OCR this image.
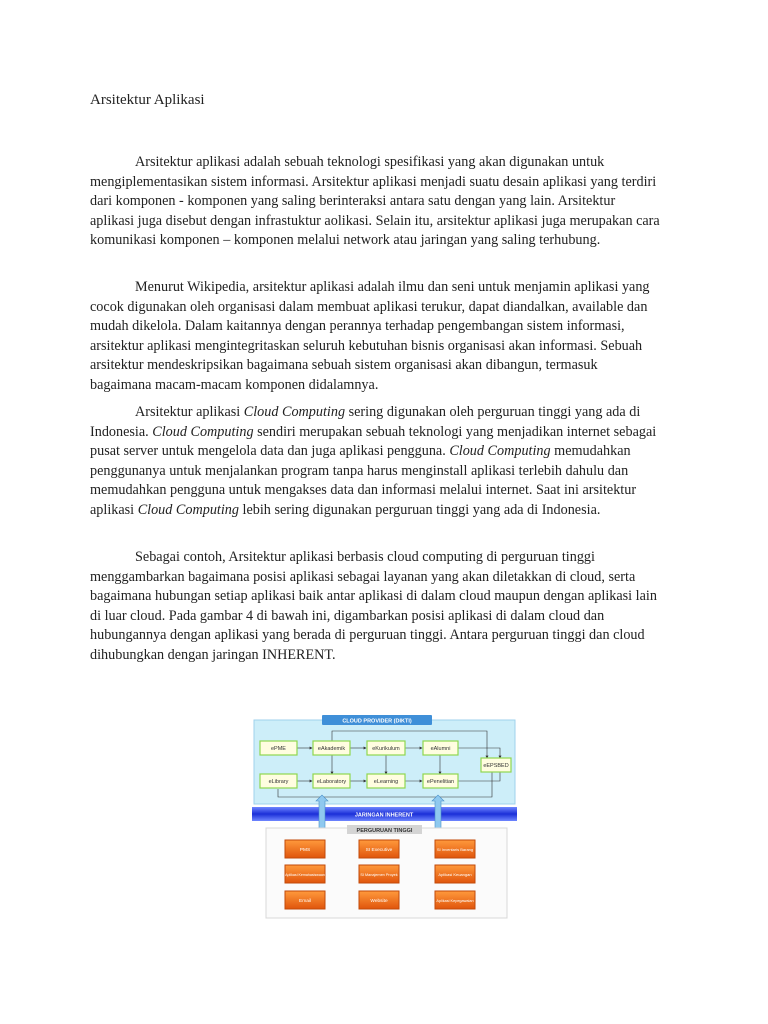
Arsitektur Aplikasi

Arsitektur aplikasi adalah sebuah teknologi spesifikasi yang akan digunakan untuk mengiplementasikan sistem informasi. Arsitektur aplikasi menjadi suatu desain aplikasi yang terdiri dari komponen - komponen yang saling berinteraksi antara satu dengan yang lain. Arsitektur aplikasi juga disebut dengan infrastuktur aolikasi. Selain itu, arsitektur aplikasi juga merupakan cara komunikasi komponen – komponen melalui network atau jaringan yang saling terhubung.

Menurut Wikipedia, arsitektur aplikasi adalah ilmu dan seni untuk menjamin aplikasi yang cocok digunakan oleh organisasi dalam membuat aplikasi terukur, dapat diandalkan, available dan mudah dikelola. Dalam kaitannya dengan perannya terhadap pengembangan sistem informasi, arsitektur aplikasi mengintegritaskan seluruh kebutuhan bisnis organisasi akan informasi. Sebuah arsitektur mendeskripsikan bagaimana sebuah sistem organisasi akan dibangun, termasuk bagaimana macam-macam komponen didalamnya.

Arsitektur aplikasi Cloud Computing sering digunakan oleh perguruan tinggi yang ada di Indonesia. Cloud Computing sendiri merupakan sebuah teknologi yang menjadikan internet sebagai pusat server untuk mengelola data dan juga aplikasi pengguna. Cloud Computing memudahkan penggunanya untuk menjalankan program tanpa harus menginstall aplikasi terlebih dahulu dan memudahkan pengguna untuk mengakses data dan informasi melalui internet. Saat ini arsitektur aplikasi Cloud Computing lebih sering digunakan perguruan tinggi yang ada di Indonesia.

Sebagai contoh, Arsitektur aplikasi berbasis cloud computing di perguruan tinggi menggambarkan bagaimana posisi aplikasi sebagai layanan yang akan diletakkan di cloud, serta bagaimana hubungan setiap aplikasi baik antar aplikasi di dalam cloud maupun dengan aplikasi lain di luar cloud. Pada gambar 4 di bawah ini, digambarkan posisi aplikasi di dalam cloud dan hubungannya dengan aplikasi yang berada di perguruan tinggi. Antara perguruan tinggi dan cloud dihubungkan dengan jaringan INHERENT.

CLOUD PROVIDER (DIKTI)
ePME	eAkademik	eKurikulum	eAlumni
eEPSBED
eLibrary	eLaboratory	eLearning	ePenelitian
JARINGAN INHERENT
PERGURUAN TINGGI
PMS	SI Executive	SI Inventaris Barang
Aplikasi Kemahasiswaan	SI Manajemen Proyek	Aplikasi Keuangan
Email	Website	Aplikasi Kepegawaian
